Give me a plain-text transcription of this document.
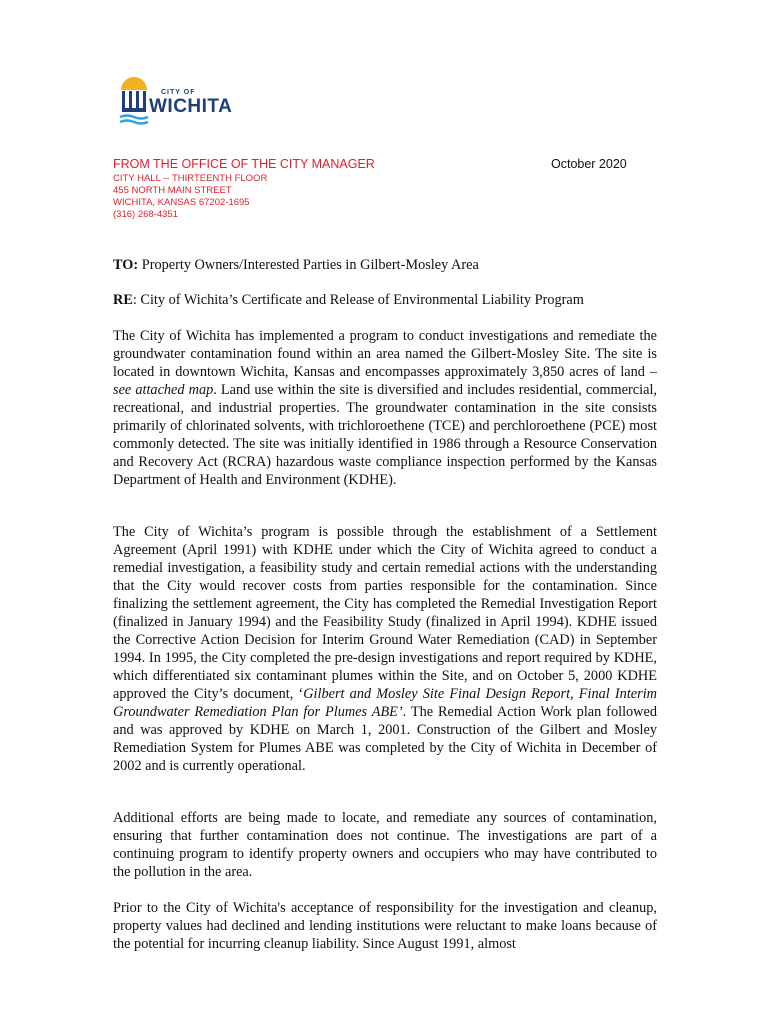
CITY OF
WICHITA
FROM THE OFFICE OF THE CITY MANAGER
CITY HALL -- THIRTEENTH FLOOR
455 NORTH MAIN STREET
WICHITA, KANSAS 67202-1695
(316) 268-4351
October 2020
TO: Property Owners/Interested Parties in Gilbert-Mosley Area
RE: City of Wichita’s Certificate and Release of Environmental Liability Program
The City of Wichita has implemented a program to conduct investigations and remediate the groundwater contamination found within an area named the Gilbert-Mosley Site. The site is located in downtown Wichita, Kansas and encompasses approximately 3,850 acres of land – see attached map. Land use within the site is diversified and includes residential, commercial, recreational, and industrial properties. The groundwater contamination in the site consists primarily of chlorinated solvents, with trichloroethene (TCE) and perchloroethene (PCE) most commonly detected. The site was initially identified in 1986 through a Resource Conservation and Recovery Act (RCRA) hazardous waste compliance inspection performed by the Kansas Department of Health and Environment (KDHE).
The City of Wichita’s program is possible through the establishment of a Settlement Agreement (April 1991) with KDHE under which the City of Wichita agreed to conduct a remedial investigation, a feasibility study and certain remedial actions with the understanding that the City would recover costs from parties responsible for the contamination. Since finalizing the settlement agreement, the City has completed the Remedial Investigation Report (finalized in January 1994) and the Feasibility Study (finalized in April 1994). KDHE issued the Corrective Action Decision for Interim Ground Water Remediation (CAD) in September 1994. In 1995, the City completed the pre-design investigations and report required by KDHE, which differentiated six contaminant plumes within the Site, and on October 5, 2000 KDHE approved the City’s document, ‘Gilbert and Mosley Site Final Design Report, Final Interim Groundwater Remediation Plan for Plumes ABE’. The Remedial Action Work plan followed and was approved by KDHE on March 1, 2001. Construction of the Gilbert and Mosley Remediation System for Plumes ABE was completed by the City of Wichita in December of 2002 and is currently operational.
Additional efforts are being made to locate, and remediate any sources of contamination, ensuring that further contamination does not continue. The investigations are part of a continuing program to identify property owners and occupiers who may have contributed to the pollution in the area.
Prior to the City of Wichita's acceptance of responsibility for the investigation and cleanup, property values had declined and lending institutions were reluctant to make loans because of the potential for incurring cleanup liability. Since August 1991, almost
